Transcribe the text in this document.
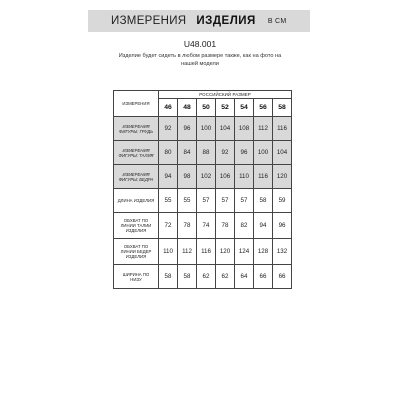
ИЗМЕРЕНИЯ ИЗДЕЛИЯ В СМ
U48.001
Изделие будет сидеть в любом размере также, как на фото на
нашей модели
ИЗМЕРЕНИЯ	РОССИЙСКИЙ РАЗМЕР						
	46	48	50	52	54	56	58

ИЗМЕРЕНИЯ
ФИГУРЫ: ГРУДЬ	92	96	100	104	108	112	116

ИЗМЕРЕНИЯ
ФИГУРЫ: ТАЛИЯ	80	84	88	92	96	100	104

ИЗМЕРЕНИЯ
ФИГУРЫ: БЕДРА	94	98	102	106	110	116	120

ДЛИНА ИЗДЕЛИЯ	55	55	57	57	57	58	59

ОБХВАТ ПО
ЛИНИИ ТАЛИИ
ИЗДЕЛИЯ	72	78	74	78	82	94	96

ОБХВАТ ПО
ЛИНИИ БЕДЕР
ИЗДЕЛИЯ	110	112	116	120	124	128	132

ШИРИНА ПО
НИЗУ	58	58	62	62	64	66	66
